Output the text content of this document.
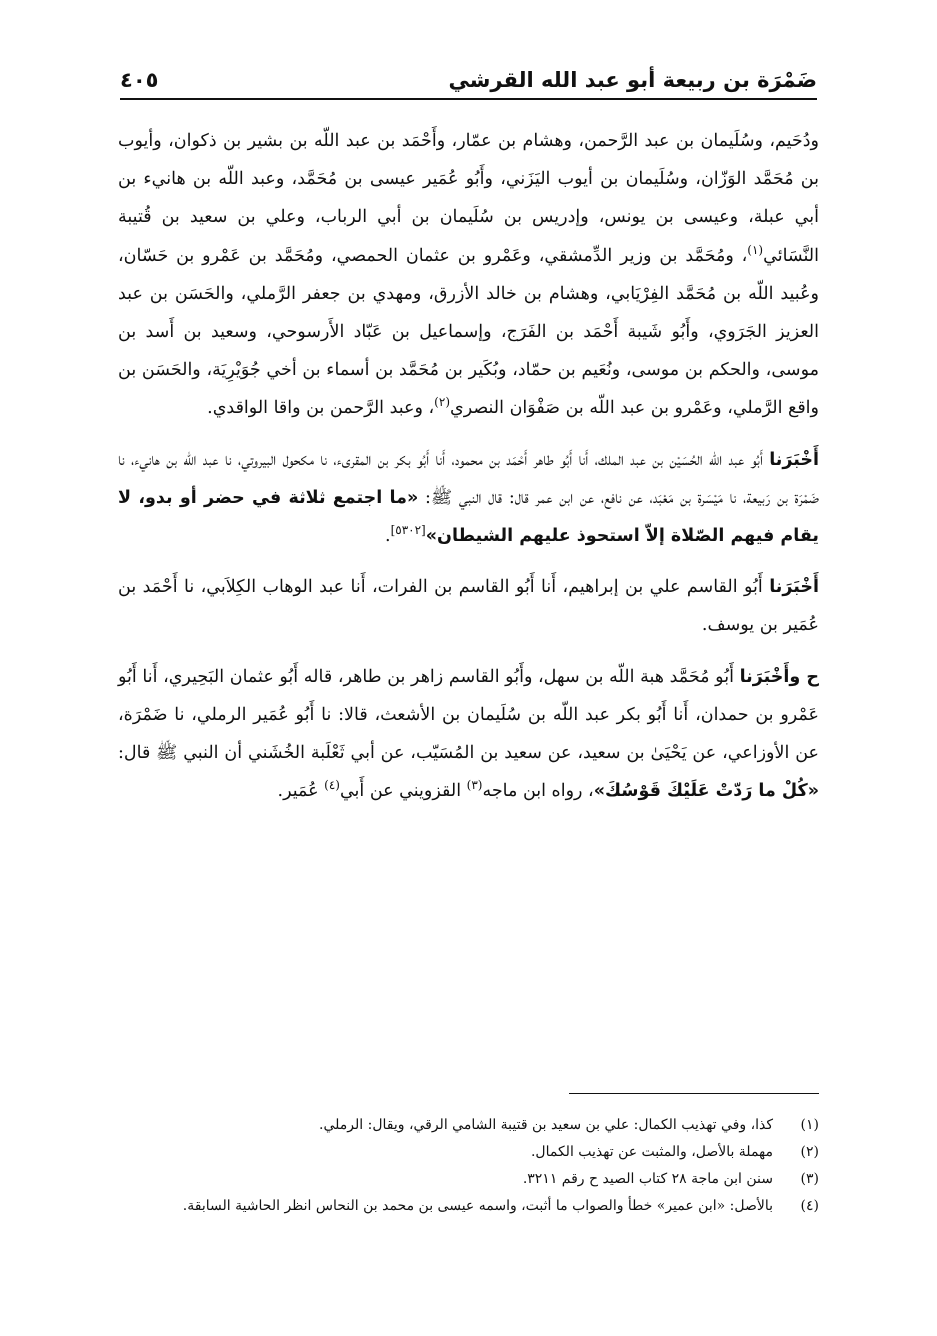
ضَمْرَة بن ربيعة أبو عبد الله القرشي
٤٠٥

ودُحَيم، وسُلَيمان بن عبد الرَّحمن، وهشام بن عمّار، وأَحْمَد بن عبد اللّه بن بشير بن ذكوان، وأيوب بن مُحَمَّد الوَزّان، وسُلَيمان بن أيوب اليَزَني، وأَبُو عُمَير عيسى بن مُحَمَّد، وعبد اللّه بن هانيء بن أبي عبلة، وعيسى بن يونس، وإدريس بن سُلَيمان بن أبي الرباب، وعلي بن سعيد بن قُتيبة النَّسَائي$^{(١)}$، ومُحَمَّد بن وزير الدِّمشقي، وعَمْرو بن عثمان الحمصي، ومُحَمَّد بن عَمْرو بن حَسّان، وعُبيد اللّه بن مُحَمَّد الفِرْيَابي، وهشام بن خالد الأزرق، ومهدي بن جعفر الرَّملي، والحَسَن بن عبد العزيز الجَرَوي، وأَبُو شَيبة أَحْمَد بن الفَرَج، وإسماعيل بن عَبّاد الأَرسوحي، وسعيد بن أَسد بن موسى، والحكم بن موسى، ونُعَيم بن حمّاد، وبُكَير بن مُحَمَّد بن أسماء بن أخي جُوَيْرِيَة، والحَسَن بن واقع الرَّملي، وعَمْرو بن عبد اللّه بن صَفْوَان النصري$^{(٢)}$، وعبد الرَّحمن بن واقا الواقدي.

أَخْبَرَنا أَبُو عبد اللّه الحُسَيْن بن عبد الملك، أَنا أَبُو طاهر أَحْمَد بن محمود، أَنا أَبُو بكر بن المقرىء، نا مكحول البيروتي، نا عبد اللّه بن هانيء، نا ضَمْرَة بن رَبيعة، نا مَيْسَرة بن مَعْبَد، عن نافع، عن ابن عمر قال: قال النبي ﷺ: «ما اجتمع ثلاثة في حضر أو بدو، لا يقام فيهم الصّلاة إلاّ استحوذ عليهم الشيطان»[٥٣٠٢].

أَخْبَرَنا أَبُو القاسم علي بن إبراهيم، أَنا أَبُو القاسم بن الفرات، أَنا عبد الوهاب الكِلاَبي، نا أَحْمَد بن عُمَير بن يوسف.

ح وأَخْبَرَنا أَبُو مُحَمَّد هبة اللّه بن سهل، وأَبُو القاسم زاهر بن طاهر، قاله أَبُو عثمان البَحِيري، أَنا أَبُو عَمْرو بن حمدان، أَنا أَبُو بكر عبد اللّه بن سُلَيمان بن الأشعث، قالا: نا أَبُو عُمَير الرملي، نا ضَمْرَة، عن الأوزاعي، عن يَحْيَىٰ بن سعيد، عن سعيد بن المُسَيّب، عن أبي ثَعْلَبة الخُشَني أن النبي ﷺ قال: «كُلْ ما رَدّتْ عَلَيْكَ قَوْسُكَ»، رواه ابن ماجه$^{(٣)}$ القزويني عن أَبي$^{(٤)}$ عُمَير.

(١)
كذا، وفي تهذيب الكمال: علي بن سعيد بن قتيبة الشامي الرقي، ويقال: الرملي.
(٢)
مهملة بالأصل، والمثبت عن تهذيب الكمال.
(٣)
سنن ابن ماجة ٢٨ كتاب الصيد ح رقم ٣٢١١.
(٤)
بالأصل: «ابن عمير» خطأ والصواب ما أثبت، واسمه عيسى بن محمد بن النحاس انظر الحاشية السابقة.
